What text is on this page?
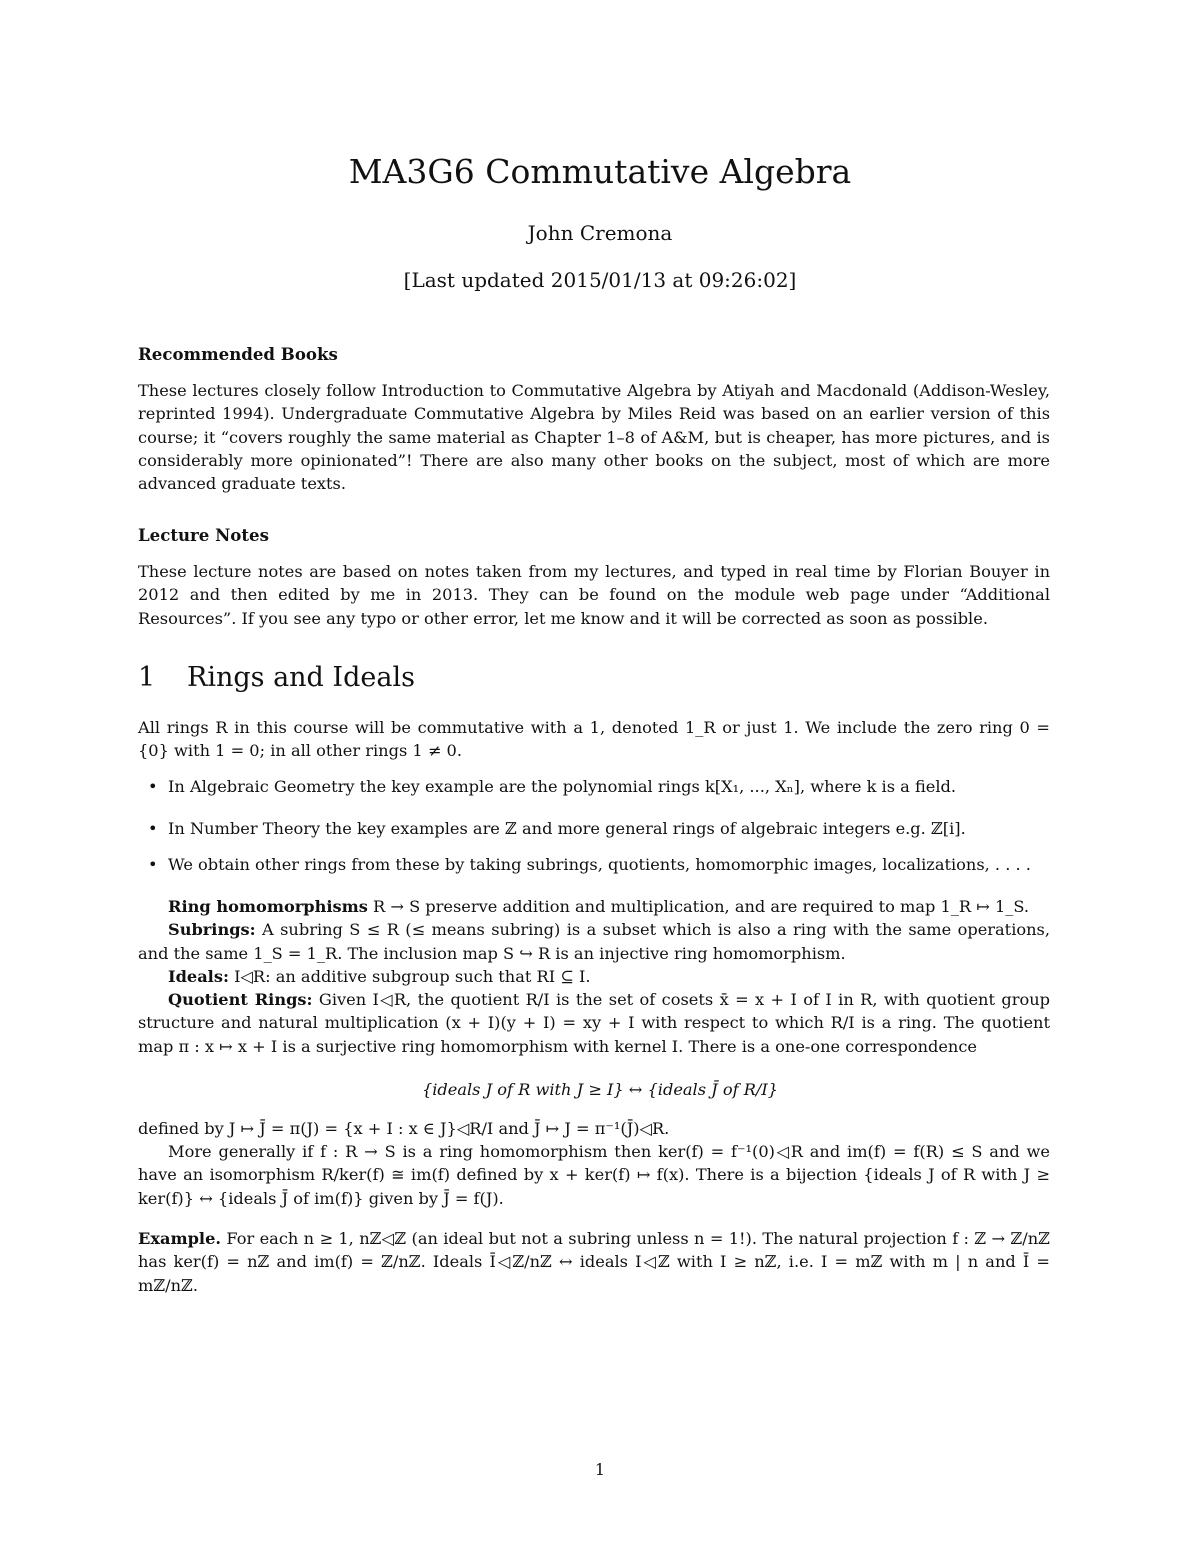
MA3G6 Commutative Algebra
John Cremona
[Last updated 2015/01/13 at 09:26:02]
Recommended Books
These lectures closely follow Introduction to Commutative Algebra by Atiyah and Macdonald (Addison-Wesley, reprinted 1994). Undergraduate Commutative Algebra by Miles Reid was based on an earlier version of this course; it “covers roughly the same material as Chapter 1–8 of A&M, but is cheaper, has more pictures, and is considerably more opinionated”! There are also many other books on the subject, most of which are more advanced graduate texts.
Lecture Notes
These lecture notes are based on notes taken from my lectures, and typed in real time by Florian Bouyer in 2012 and then edited by me in 2013. They can be found on the module web page under “Additional Resources”. If you see any typo or other error, let me know and it will be corrected as soon as possible.
1 Rings and Ideals
All rings R in this course will be commutative with a 1, denoted 1_R or just 1. We include the zero ring 0 = {0} with 1 = 0; in all other rings 1 ≠ 0.
• In Algebraic Geometry the key example are the polynomial rings k[X₁, ..., Xₙ], where k is a field.
• In Number Theory the key examples are ℤ and more general rings of algebraic integers e.g. ℤ[i].
• We obtain other rings from these by taking subrings, quotients, homomorphic images, localizations, . . . .

Ring homomorphisms R → S preserve addition and multiplication, and are required to map 1_R ↦ 1_S.

Subrings: A subring S ≤ R (≤ means subring) is a subset which is also a ring with the same operations, and the same 1_S = 1_R. The inclusion map S ↪ R is an injective ring homomorphism.

Ideals: I◁R: an additive subgroup such that RI ⊆ I.

Quotient Rings: Given I◁R, the quotient R/I is the set of cosets x̄ = x + I of I in R, with quotient group structure and natural multiplication (x + I)(y + I) = xy + I with respect to which R/I is a ring. The quotient map π : x ↦ x + I is a surjective ring homomorphism with kernel I. There is a one-one correspondence

{ideals J of R with J ≥ I} ↔ {ideals J̄ of R/I}
defined by J ↦ J̄ = π(J) = {x + I : x ∈ J}◁R/I and J̄ ↦ J = π⁻¹(J̄)◁R.

More generally if f : R → S is a ring homomorphism then ker(f) = f⁻¹(0)◁R and im(f) = f(R) ≤ S and we have an isomorphism R/ker(f) ≅ im(f) defined by x + ker(f) ↦ f(x). There is a bijection {ideals J of R with J ≥ ker(f)} ↔ {ideals J̄ of im(f)} given by J̄ = f(J).

Example. For each n ≥ 1, nℤ◁ℤ (an ideal but not a subring unless n = 1!). The natural projection f : ℤ → ℤ/nℤ has ker(f) = nℤ and im(f) = ℤ/nℤ. Ideals Ī◁ℤ/nℤ ↔ ideals I◁ℤ with I ≥ nℤ, i.e. I = mℤ with m | n and Ī = mℤ/nℤ.
1
